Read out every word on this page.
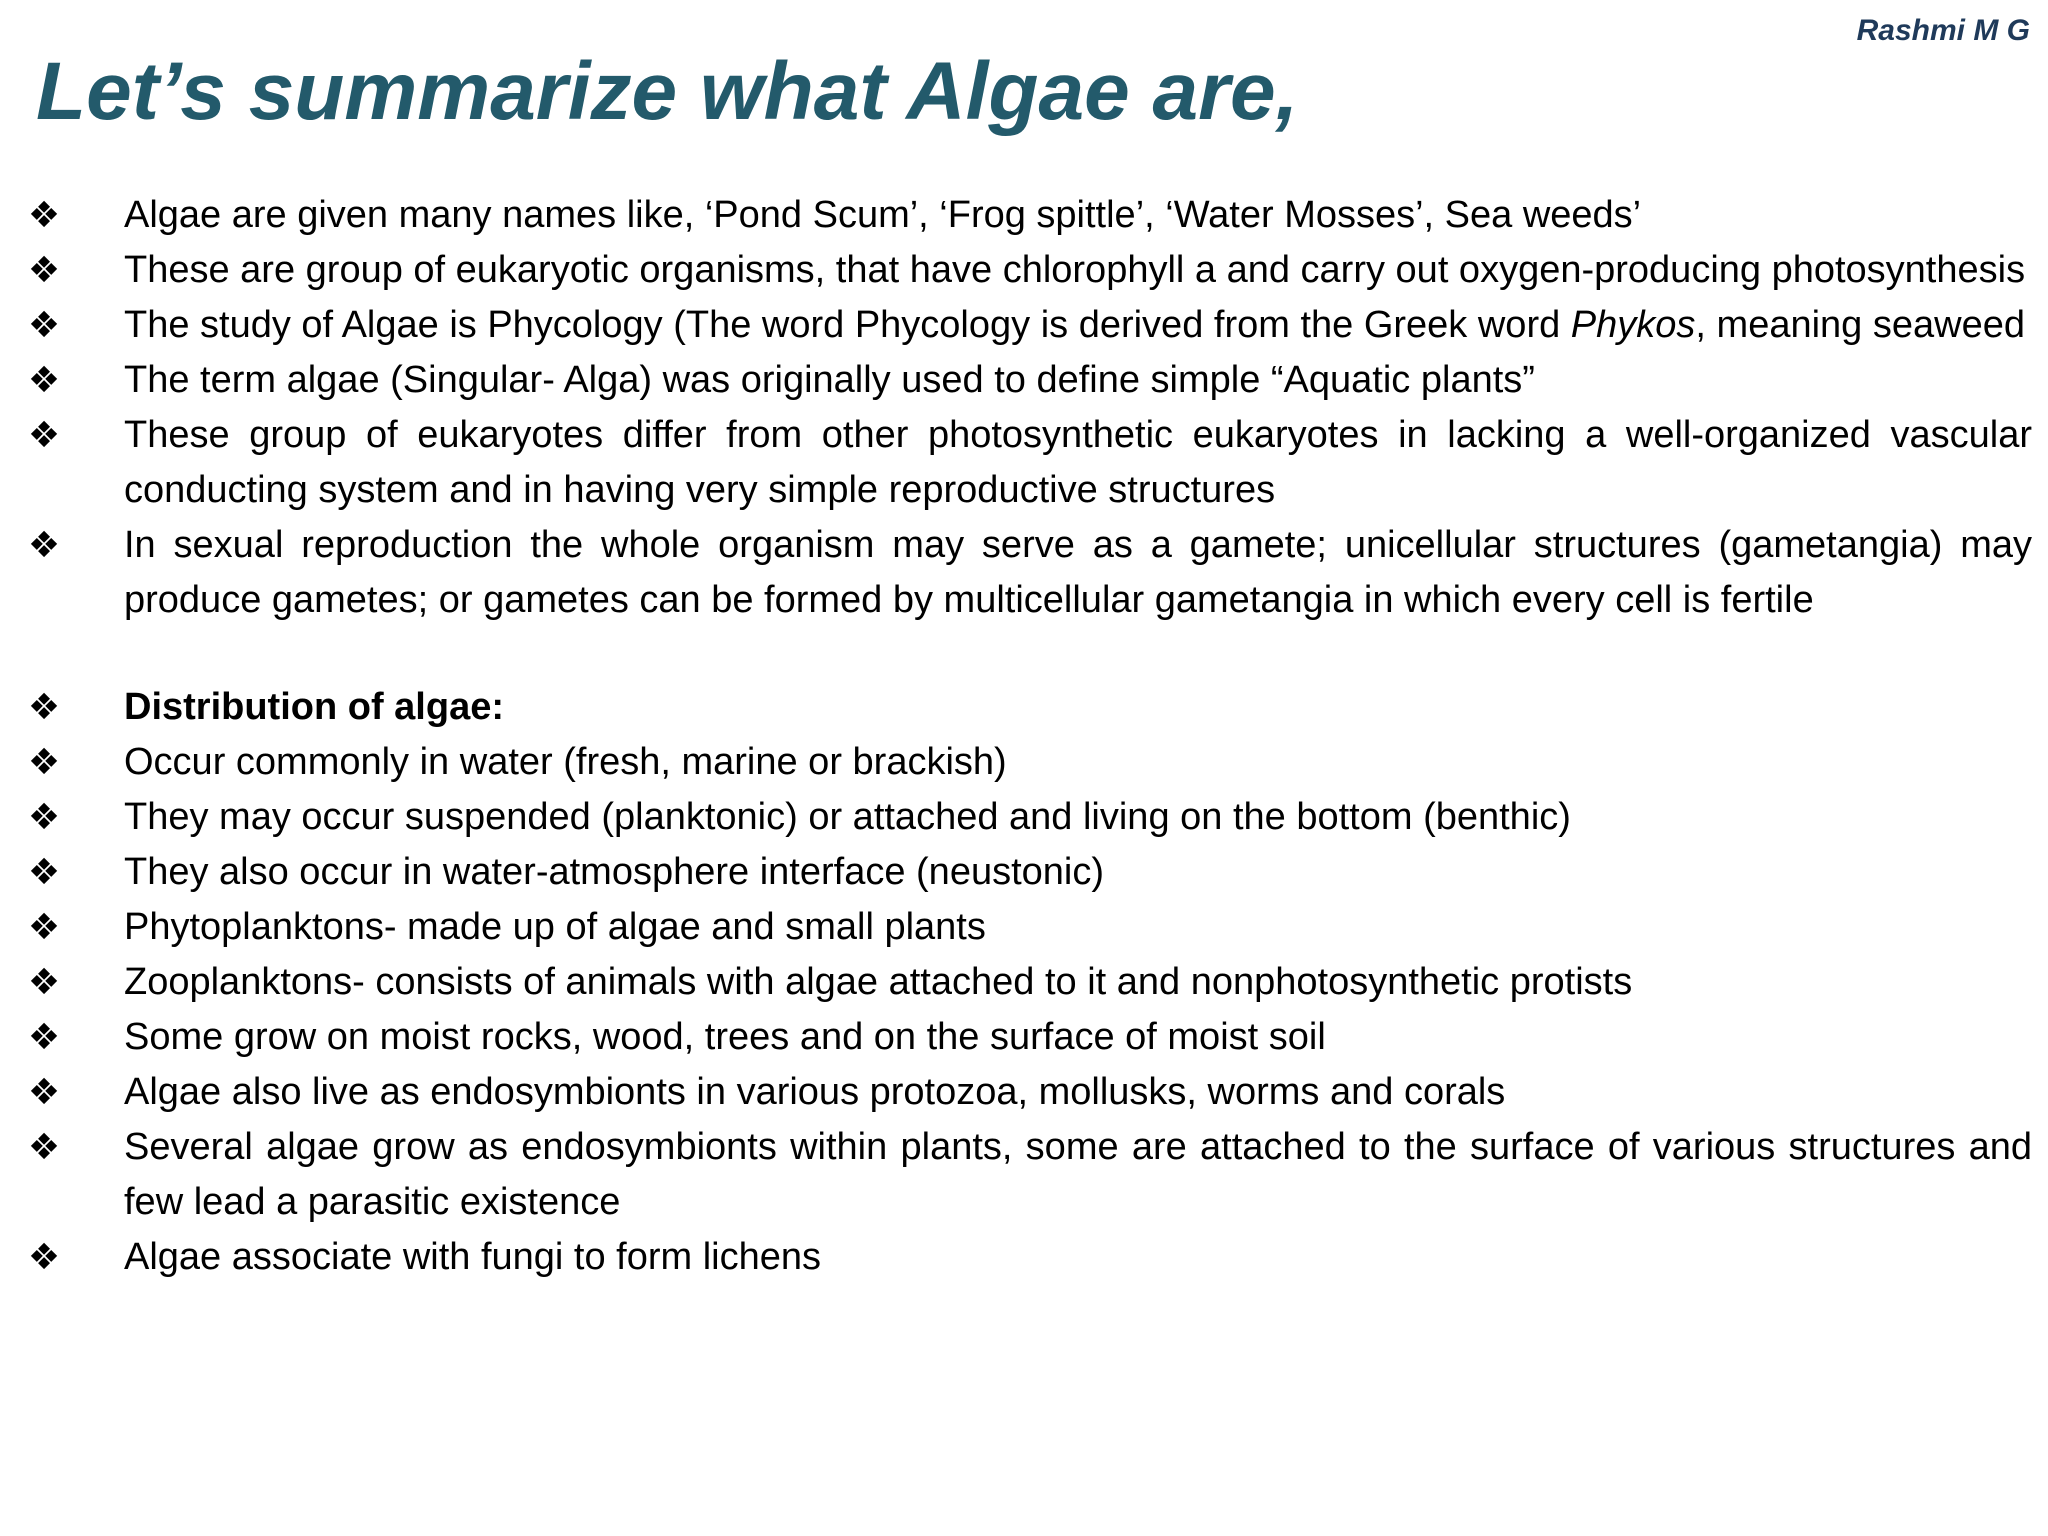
Rashmi M G
Let’s summarize what Algae are,
❖ Algae are given many names like, ‘Pond Scum’, ‘Frog spittle’, ‘Water Mosses’, Sea weeds’
❖ These are group of eukaryotic organisms, that have chlorophyll a and carry out oxygen-producing photosynthesis
❖ The study of Algae is Phycology (The word Phycology is derived from the Greek word Phykos, meaning seaweed
❖ The term algae (Singular- Alga) was originally used to define simple “Aquatic plants”
❖ These group of eukaryotes differ from other photosynthetic eukaryotes in lacking a well-organized vascular conducting system and in having very simple reproductive structures
❖ In sexual reproduction the whole organism may serve as a gamete; unicellular structures (gametangia) may produce gametes; or gametes can be formed by multicellular gametangia in which every cell is fertile
❖ Distribution of algae:
❖ Occur commonly in water (fresh, marine or brackish)
❖ They may occur suspended (planktonic) or attached and living on the bottom (benthic)
❖ They also occur in water-atmosphere interface (neustonic)
❖ Phytoplanktons- made up of algae and small plants
❖ Zooplanktons- consists of animals with algae attached to it and nonphotosynthetic protists
❖ Some grow on moist rocks, wood, trees and on the surface of moist soil
❖ Algae also live as endosymbionts in various protozoa, mollusks, worms and corals
❖ Several algae grow as endosymbionts within plants, some are attached to the surface of various structures and few lead a parasitic existence
❖ Algae associate with fungi to form lichens
